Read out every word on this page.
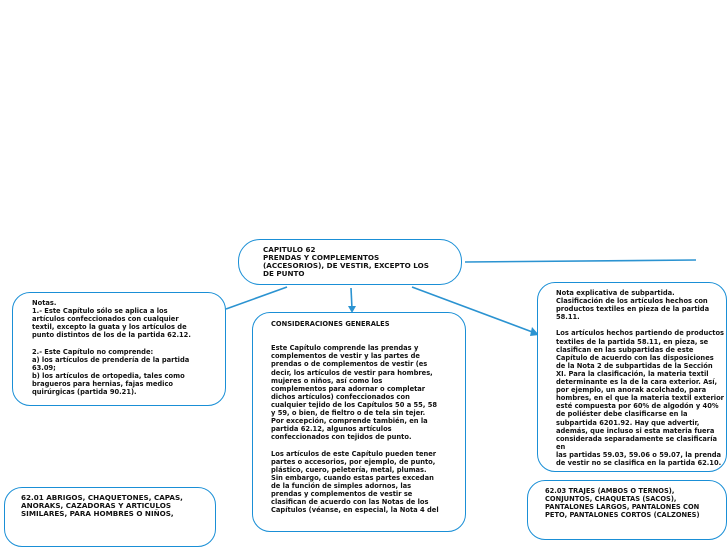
CAPITULO 62
PRENDAS Y COMPLEMENTOS
(ACCESORIOS), DE VESTIR, EXCEPTO LOS
DE PUNTO
Notas.
1.- Este Capítulo sólo se aplica a los
artículos confeccionados con cualquier
textil, excepto la guata y los artículos de
punto distintos de los de la partida 62.12.

2.- Este Capítulo no comprende:
a) los artículos de prendería de la partida
63.09;
b) los artículos de ortopedia, tales como
bragueros para hernias, fajas medico
quirúrgicas (partida 90.21).
CONSIDERACIONES GENERALES

Este Capítulo comprende las prendas y
complementos de vestir y las partes de
prendas o de complementos de vestir (es
decir, los artículos de vestir para hombres,
mujeres o niños, así como los
complementos para adornar o completar
dichos artículos) confeccionados con
cualquier tejido de los Capítulos 50 a 55, 58
y 59, o bien, de fieltro o de tela sin tejer.
Por excepción, comprende también, en la
partida 62.12, algunos artículos
confeccionados con tejidos de punto.

Los artículos de este Capítulo pueden tener
partes o accesorios, por ejemplo, de punto,
plástico, cuero, peletería, metal, plumas.
Sin embargo, cuando estas partes excedan
de la función de simples adornos, las
prendas y complementos de vestir se
clasifican de acuerdo con las Notas de los
Capítulos (véanse, en especial, la Nota 4 del
Nota explicativa de subpartida.
Clasificación de los artículos hechos con
productos textiles en pieza de la partida
58.11.

Los artículos hechos partiendo de productos
textiles de la partida 58.11, en pieza, se
clasifican en las subpartidas de este
Capítulo de acuerdo con las disposiciones
de la Nota 2 de subpartidas de la Sección
XI. Para la clasificación, la materia textil
determinante es la de la cara exterior. Así,
por ejemplo, un anorak acolchado, para
hombres, en el que la materia textil exterior
esté compuesta por 60% de algodón y 40%
de poliéster debe clasificarse en la
subpartida 6201.92. Hay que advertir,
además, que incluso si esta materia fuera
considerada separadamente se clasificaría en
las partidas 59.03, 59.06 o 59.07, la prenda
de vestir no se clasifica en la partida 62.10.
62.01 ABRIGOS, CHAQUETONES, CAPAS,
ANORAKS, CAZADORAS Y ARTICULOS
SIMILARES, PARA HOMBRES O NIÑOS,
62.03 TRAJES (AMBOS O TERNOS),
CONJUNTOS, CHAQUETAS (SACOS),
PANTALONES LARGOS, PANTALONES CON
PETO, PANTALONES CORTOS (CALZONES)
